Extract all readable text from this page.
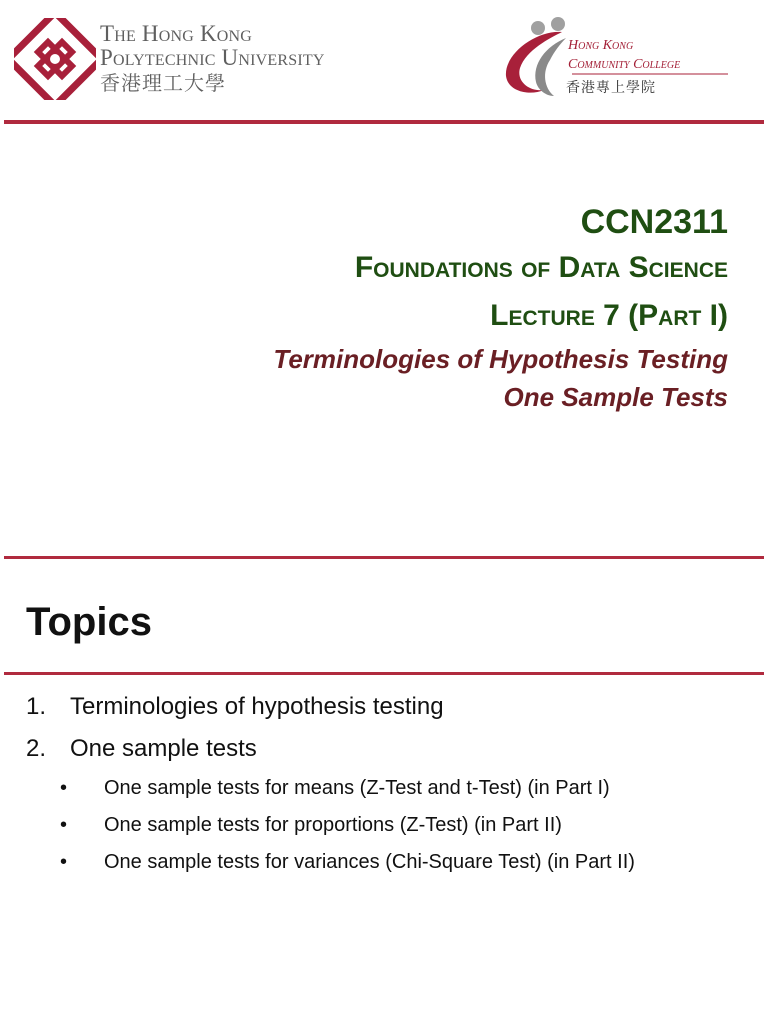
The Hong Kong
Polytechnic University
香港理工大學
Hong Kong
Community College
香港專上學院
CCN2311
Foundations of Data Science
Lecture 7 (Part I)
Terminologies of Hypothesis Testing
One Sample Tests
Topics
1. Terminologies of hypothesis testing
2. One sample tests
• One sample tests for means (Z-Test and t-Test) (in Part I)
• One sample tests for proportions (Z-Test) (in Part II)
• One sample tests for variances (Chi-Square Test) (in Part II)
